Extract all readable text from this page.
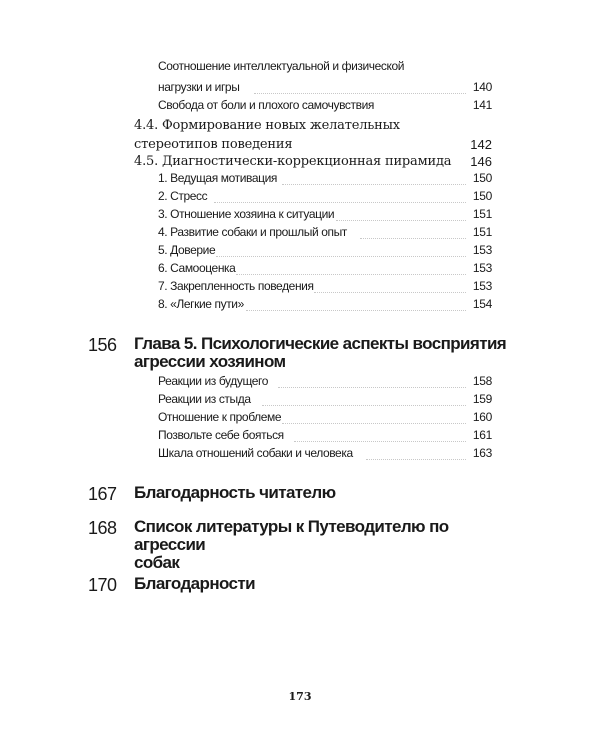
Соотношение интеллектуальной и физической
нагрузки и игры	140
Свобода от боли и плохого самочувствия	141
4.4. Формирование новых желательных
стереотипов поведения	142
4.5. Диагностически-коррекционная пирамида	146
1. Ведущая мотивация	150
2. Стресс	150
3. Отношение хозяина к ситуации	151
4. Развитие собаки и прошлый опыт	151
5. Доверие	153
6. Самооценка	153
7. Закрепленность поведения	153
8. «Легкие пути»	154
156 Глава 5. Психологические аспекты восприятия
агрессии хозяином
Реакции из будущего	158
Реакции из стыда	159
Отношение к проблеме	160
Позвольте себе бояться	161
Шкала отношений собаки и человека	163
167 Благодарность читателю
168 Список литературы к Путеводителю по агрессии
собак
170 Благодарности
173
